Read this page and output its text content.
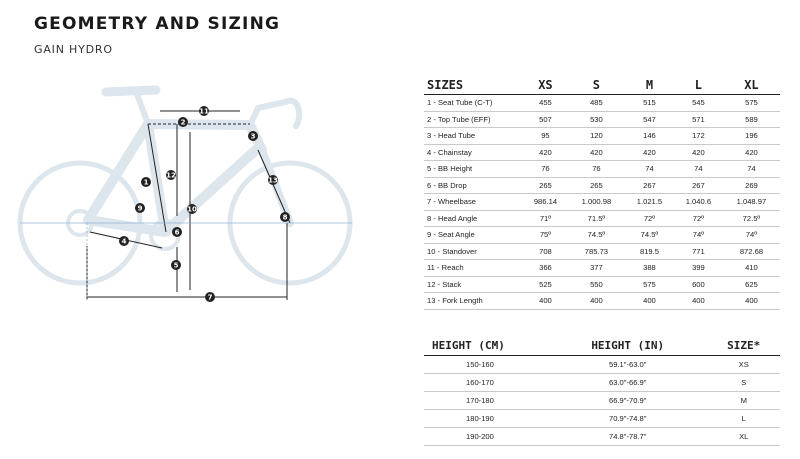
GEOMETRY AND SIZING
GAIN HYDRO
1
2
3
4
5
6
7
8
9	10
11
12
13
SIZES	XS	S	M	L	XL
1 - Seat Tube (C-T)	455	485	515	545	575
2 - Top Tube (EFF)	507	530	547	571	589
3 - Head Tube	95	120	146	172	196
4 - Chainstay	420	420	420	420	420
5 - BB Height	76	76	74	74	74
6 - BB Drop	265	265	267	267	269
7 - Wheelbase	986.14	1.000.98	1.021.5	1.040.6	1.048.97
8 - Head Angle	71º	71.5º	72º	72º	72.5º
9 - Seat Angle	75º	74.5º	74.5º	74º	74º
10 - Standover	708	785.73	819.5	771	872.68
11 - Reach	366	377	388	399	410
12 - Stack	525	550	575	600	625
13 - Fork Length	400	400	400	400	400
HEIGHT (CM)	HEIGHT (IN)	SIZE*
150-160	59.1"-63.0"	XS
160-170	63.0"-66.9"	S
170-180	66.9"-70.9"	M
180-190	70.9"-74.8"	L
190-200	74.8"-78.7"	XL
